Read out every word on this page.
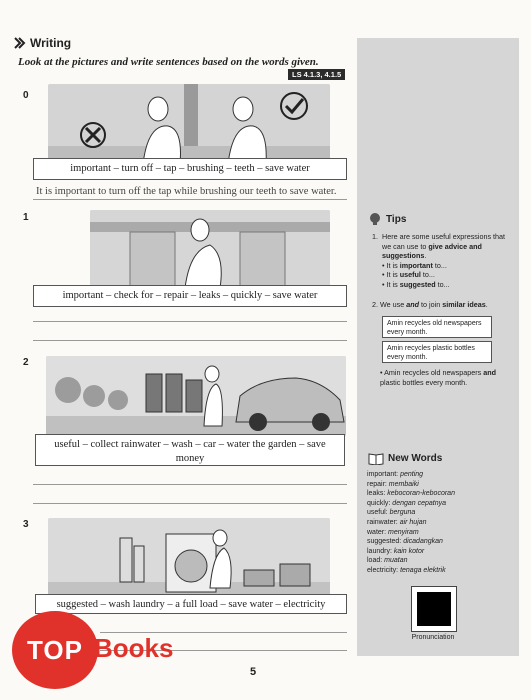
Writing
Look at the pictures and write sentences based on the words given.
LS 4.1.3, 4.1.5
0
important – turn off – tap – brushing – teeth – save water
It is important to turn off the tap while brushing our teeth to save water.
1
important – check for – repair – leaks – quickly – save water
2
useful – collect rainwater – wash – car – water the garden – save money
3
suggested – wash laundry – a full load – save water – electricity
Tips
1. Here are some useful expressions that we can use to give advice and suggestions.
• It is important to...
• It is useful to...
• It is suggested to...
2. We use and to join similar ideas.
Amin recycles old newspapers every month.
Amin recycles plastic bottles every month.
• Amin recycles old newspapers and plastic bottles every month.
New Words
important: penting
repair: membaiki
leaks: kebocoran-kebocoran
quickly: dengan cepatnya
useful: berguna
rainwater: air hujan
water: menyiram
suggested: dicadangkan
laundry: kain kotor
load: muatan
electricity: tenaga elektrik
Pronunciation
5
TOP Books
